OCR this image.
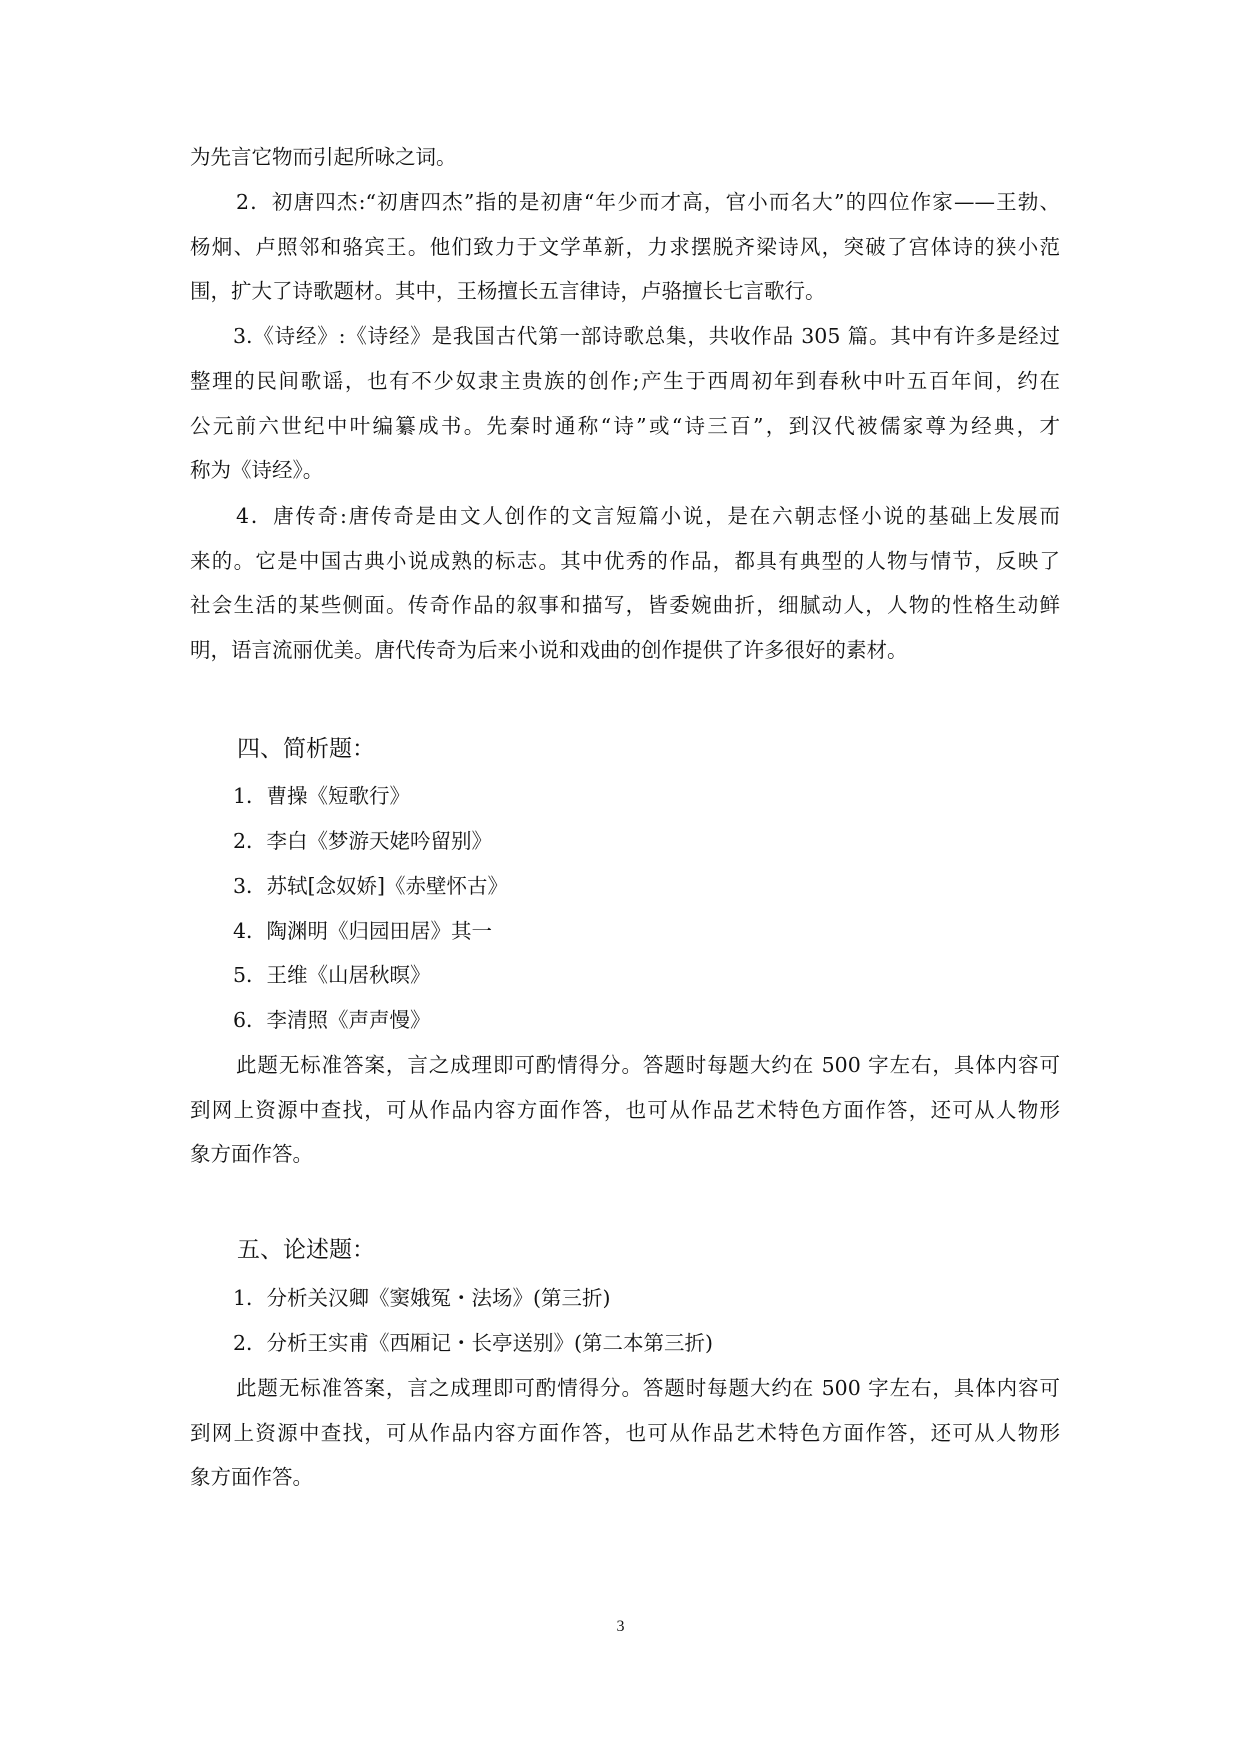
为先言它物而引起所咏之词。
2．初唐四杰:“初唐四杰”指的是初唐“年少而才高，官小而名大”的四位作家——王勃、
杨炯、卢照邻和骆宾王。他们致力于文学革新，力求摆脱齐梁诗风，突破了宫体诗的狭小范
围，扩大了诗歌题材。其中，王杨擅长五言律诗，卢骆擅长七言歌行。
3.《诗经》:《诗经》是我国古代第一部诗歌总集，共收作品 305 篇。其中有许多是经过
整理的民间歌谣，也有不少奴隶主贵族的创作;产生于西周初年到春秋中叶五百年间，约在
公元前六世纪中叶编纂成书。先秦时通称“诗”或“诗三百”，到汉代被儒家尊为经典，才
称为《诗经》。
4．唐传奇:唐传奇是由文人创作的文言短篇小说，是在六朝志怪小说的基础上发展而
来的。它是中国古典小说成熟的标志。其中优秀的作品，都具有典型的人物与情节，反映了
社会生活的某些侧面。传奇作品的叙事和描写，皆委婉曲折，细腻动人，人物的性格生动鲜
明，语言流丽优美。唐代传奇为后来小说和戏曲的创作提供了许多很好的素材。
四、简析题：
1．曹操《短歌行》
2．李白《梦游天姥吟留别》
3．苏轼[念奴娇]《赤壁怀古》
4．陶渊明《归园田居》其一
5．王维《山居秋暝》
6．李清照《声声慢》
此题无标准答案，言之成理即可酌情得分。答题时每题大约在 500 字左右，具体内容可
到网上资源中查找，可从作品内容方面作答，也可从作品艺术特色方面作答，还可从人物形
象方面作答。
五、论述题：
1．分析关汉卿《窦娥冤・法场》(第三折)
2．分析王实甫《西厢记・长亭送别》(第二本第三折)
此题无标准答案，言之成理即可酌情得分。答题时每题大约在 500 字左右，具体内容可
到网上资源中查找，可从作品内容方面作答，也可从作品艺术特色方面作答，还可从人物形
象方面作答。
3
